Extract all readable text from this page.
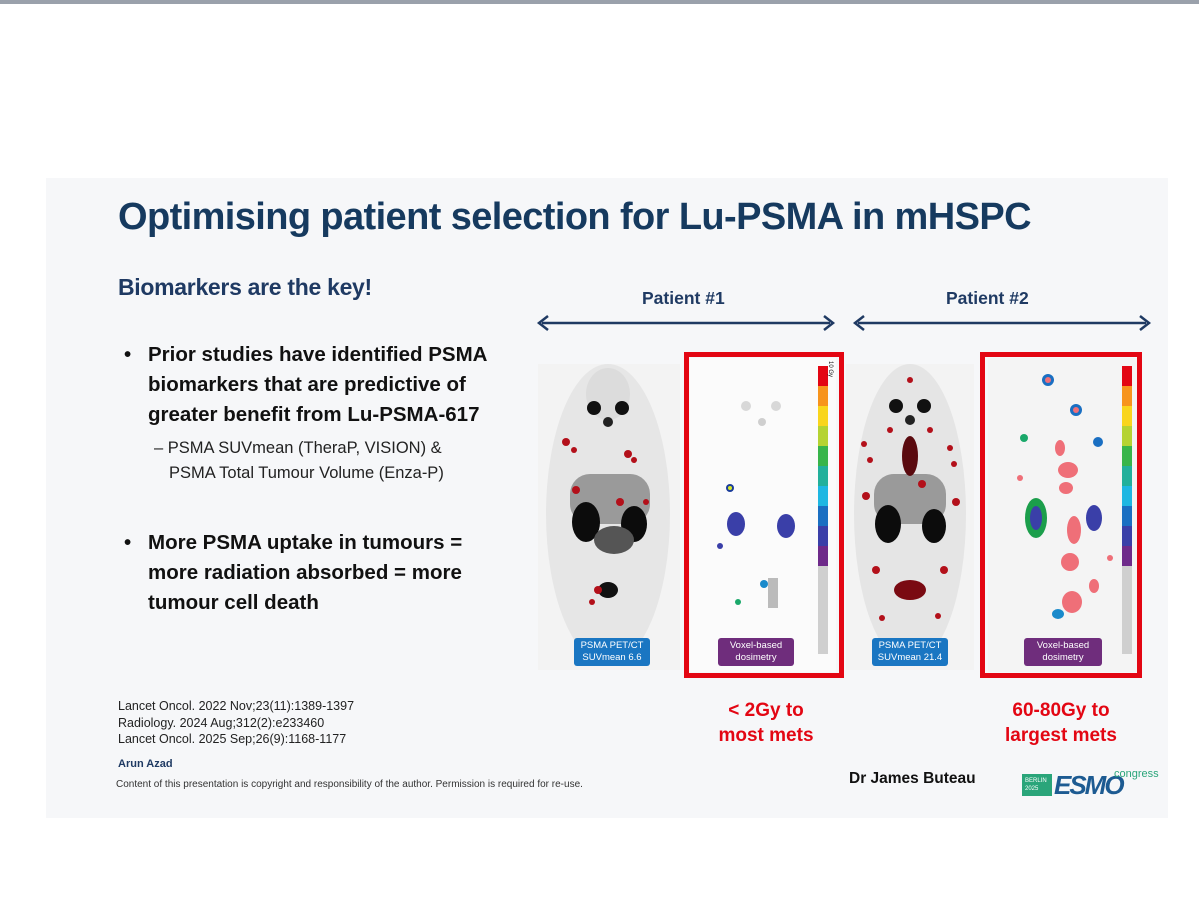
Optimising patient selection for Lu-PSMA in mHSPC
Biomarkers are the key!
• Prior studies have identified PSMA biomarkers that are predictive of greater benefit from Lu-PSMA-617
– PSMA SUVmean (TheraP, VISION) &
PSMA Total Tumour Volume (Enza-P)
• More PSMA uptake in tumours = more radiation absorbed = more tumour cell death
Lancet Oncol. 2022 Nov;23(11):1389-1397
Radiology. 2024 Aug;312(2):e233460
Lancet Oncol. 2025 Sep;26(9):1168-1177
Arun Azad
Content of this presentation is copyright and responsibility of the author. Permission is required for re-use.
Patient #1	Patient #2
PSMA PET/CT
SUVmean 6.6
10 Gy
Voxel-based
dosimetry
PSMA PET/CT
SUVmean 21.4
Voxel-based
dosimetry
< 2Gy to
most mets
60-80Gy to
largest mets
Dr James Buteau	BERLIN
2025 ESMO
congress
